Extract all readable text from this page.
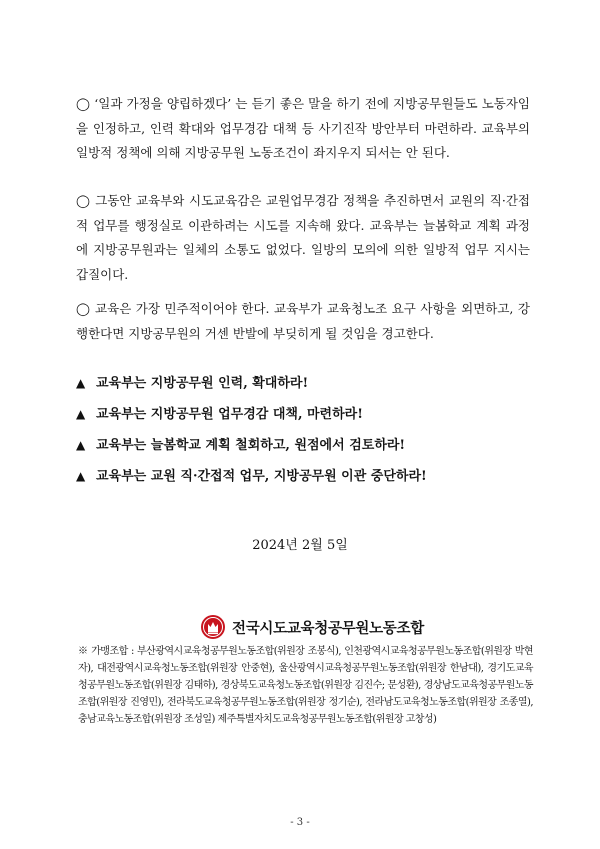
◯ ‘일과 가정을 양립하겠다’ 는 듣기 좋은 말을 하기 전에 지방공무원들도 노동자임을 인정하고, 인력 확대와 업무경감 대책 등 사기진작 방안부터 마련하라. 교육부의 일방적 정책에 의해 지방공무원 노동조건이 좌지우지 되서는 안 된다.

◯ 그동안 교육부와 시도교육감은 교원업무경감 정책을 추진하면서 교원의 직·간접적 업무를 행정실로 이관하려는 시도를 지속해 왔다. 교육부는 늘봄학교 계획 과정에 지방공무원과는 일체의 소통도 없었다. 일방의 모의에 의한 일방적 업무 지시는 갑질이다.

◯ 교육은 가장 민주적이어야 한다. 교육부가 교육청노조 요구 사항을 외면하고, 강행한다면 지방공무원의 거센 반발에 부딪히게 될 것임을 경고한다.

▲ 교육부는 지방공무원 인력, 확대하라!
▲ 교육부는 지방공무원 업무경감 대책, 마련하라!
▲ 교육부는 늘봄학교 계획 철회하고, 원점에서 검토하라!
▲ 교육부는 교원 직·간접적 업무, 지방공무원 이관 중단하라!
2024년 2월 5일
전국시도교육청공무원노동조합

※ 가맹조합 : 부산광역시교육청공무원노동조합(위원장 조봉식), 인천광역시교육청공무원노동조합(위원장 박현자), 대전광역시교육청노동조합(위원장 안중현), 울산광역시교육청공무원노동조합(위원장 한남대), 경기도교육청공무원노동조합(위원장 김태하), 경상북도교육청노동조합(위원장 김진수; 문성환), 경상남도교육청공무원노동조합(위원장 진영민), 전라북도교육청공무원노동조합(위원장 정기순), 전라남도교육청노동조합(위원장 조종열), 충남교육노동조합(위원장 조성일) 제주특별자치도교육청공무원노동조합(위원장 고창성)

- 3 -
